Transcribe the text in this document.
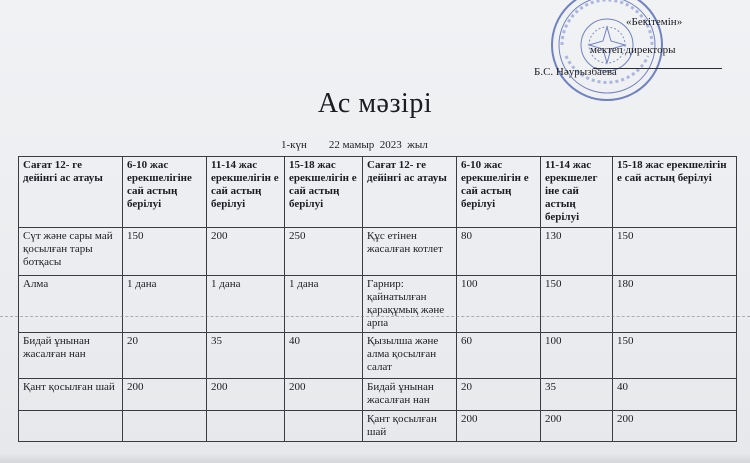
«Бекітемін»
мектеп директоры
Б.С. Нәурызбаева
Ас мәзірі
1-күн 22 мамыр  2023  жыл
Сағат 12- ге дейінгі ас атауы	6-10 жас ерекшелігіне сай астың берілуі	11-14 жас ерекшелігін е сай астың берілуі	15-18 жас ерекшелігін е сай астың берілуі	Сағат 12- ге дейінгі ас атауы	6-10 жас ерекшелігін е сай астың берілуі	11-14 жас ерекшелег іне сай астың берілуі	15-18 жас ерекшелігін е сай астың берілуі
Сүт және сары май қосылған тары ботқасы	150	200	250	Құс етінен жасалған котлет	80	130	150
Алма	1 дана	1 дана	1 дана	Гарнир: қайнатылған қарақұмық және арпа	100	150	180
Бидай ұнынан жасалған нан	20	35	40	Қызылша және алма қосылған салат	60	100	150
Қант қосылған шай	200	200	200	Бидай ұнынан жасалған нан	20	35	40
				Қант қосылған шай	200	200	200
